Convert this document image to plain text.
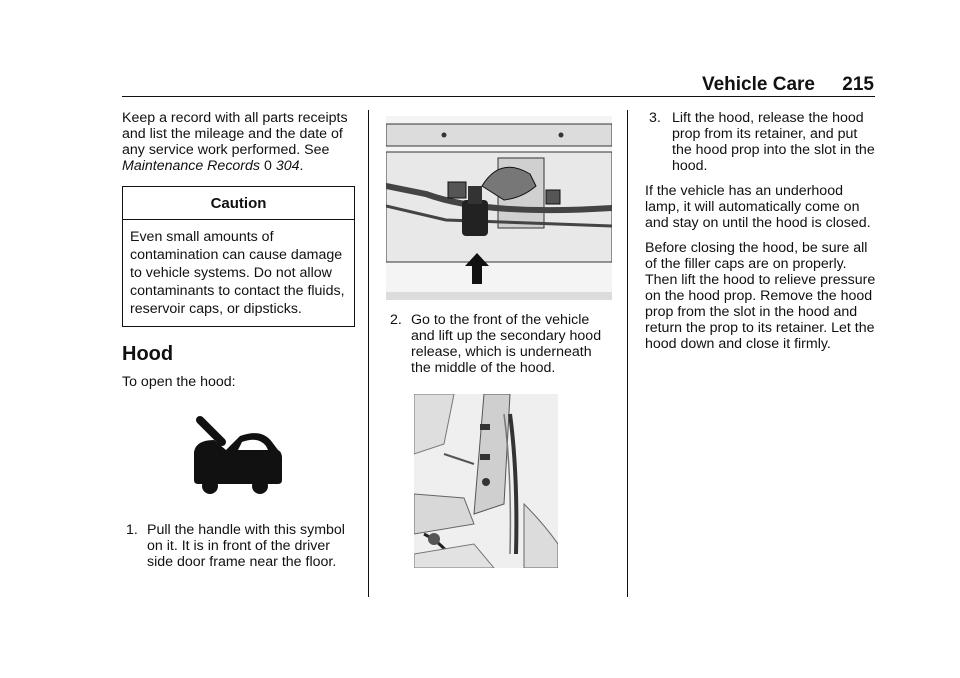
Vehicle Care 215

Keep a record with all parts receipts and list the mileage and the date of any service work performed. See Maintenance Records 0 304.

Caution
Even small amounts of contamination can cause damage to vehicle systems. Do not allow contaminants to contact the fluids, reservoir caps, or dipsticks.
Hood

To open the hood:

1. Pull the handle with this symbol on it. It is in front of the driver side door frame near the floor.
2. Go to the front of the vehicle and lift up the secondary hood release, which is underneath the middle of the hood.
3. Lift the hood, release the hood prop from its retainer, and put the hood prop into the slot in the hood.

If the vehicle has an underhood lamp, it will automatically come on and stay on until the hood is closed.

Before closing the hood, be sure all of the filler caps are on properly. Then lift the hood to relieve pressure on the hood prop. Remove the hood prop from the slot in the hood and return the prop to its retainer. Let the hood down and close it firmly.
